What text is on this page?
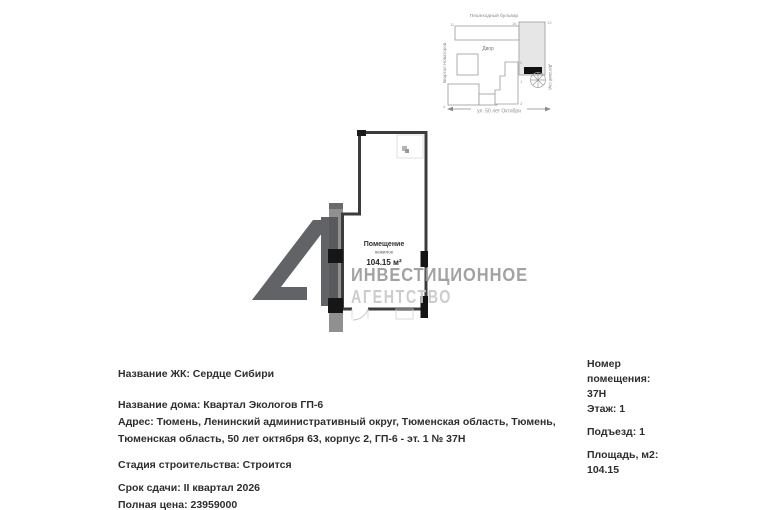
Пешеходный бульвар
Квартал Новаторов	Детский сад
Двор
ул. 50 лет Октября
11	16	13
2
1
3
4
Помещение
нежилое
104.15 м²
ИНВЕСТИЦИОННОЕ
АГЕНТСТВО
Название ЖК: Сердце Сибири
Название дома: Квартал Экологов ГП-6
Адрес: Тюмень, Ленинский административный округ, Тюменская область, Тюмень, Тюменская область, 50 лет октября 63, корпус 2, ГП-6 - эт. 1 № 37Н
Стадия строительства: Строится
Срок сдачи: II квартал 2026
Полная цена: 23959000
Номер помещения:
37Н
Этаж: 1
Подъезд: 1
Площадь, м2:
104.15
